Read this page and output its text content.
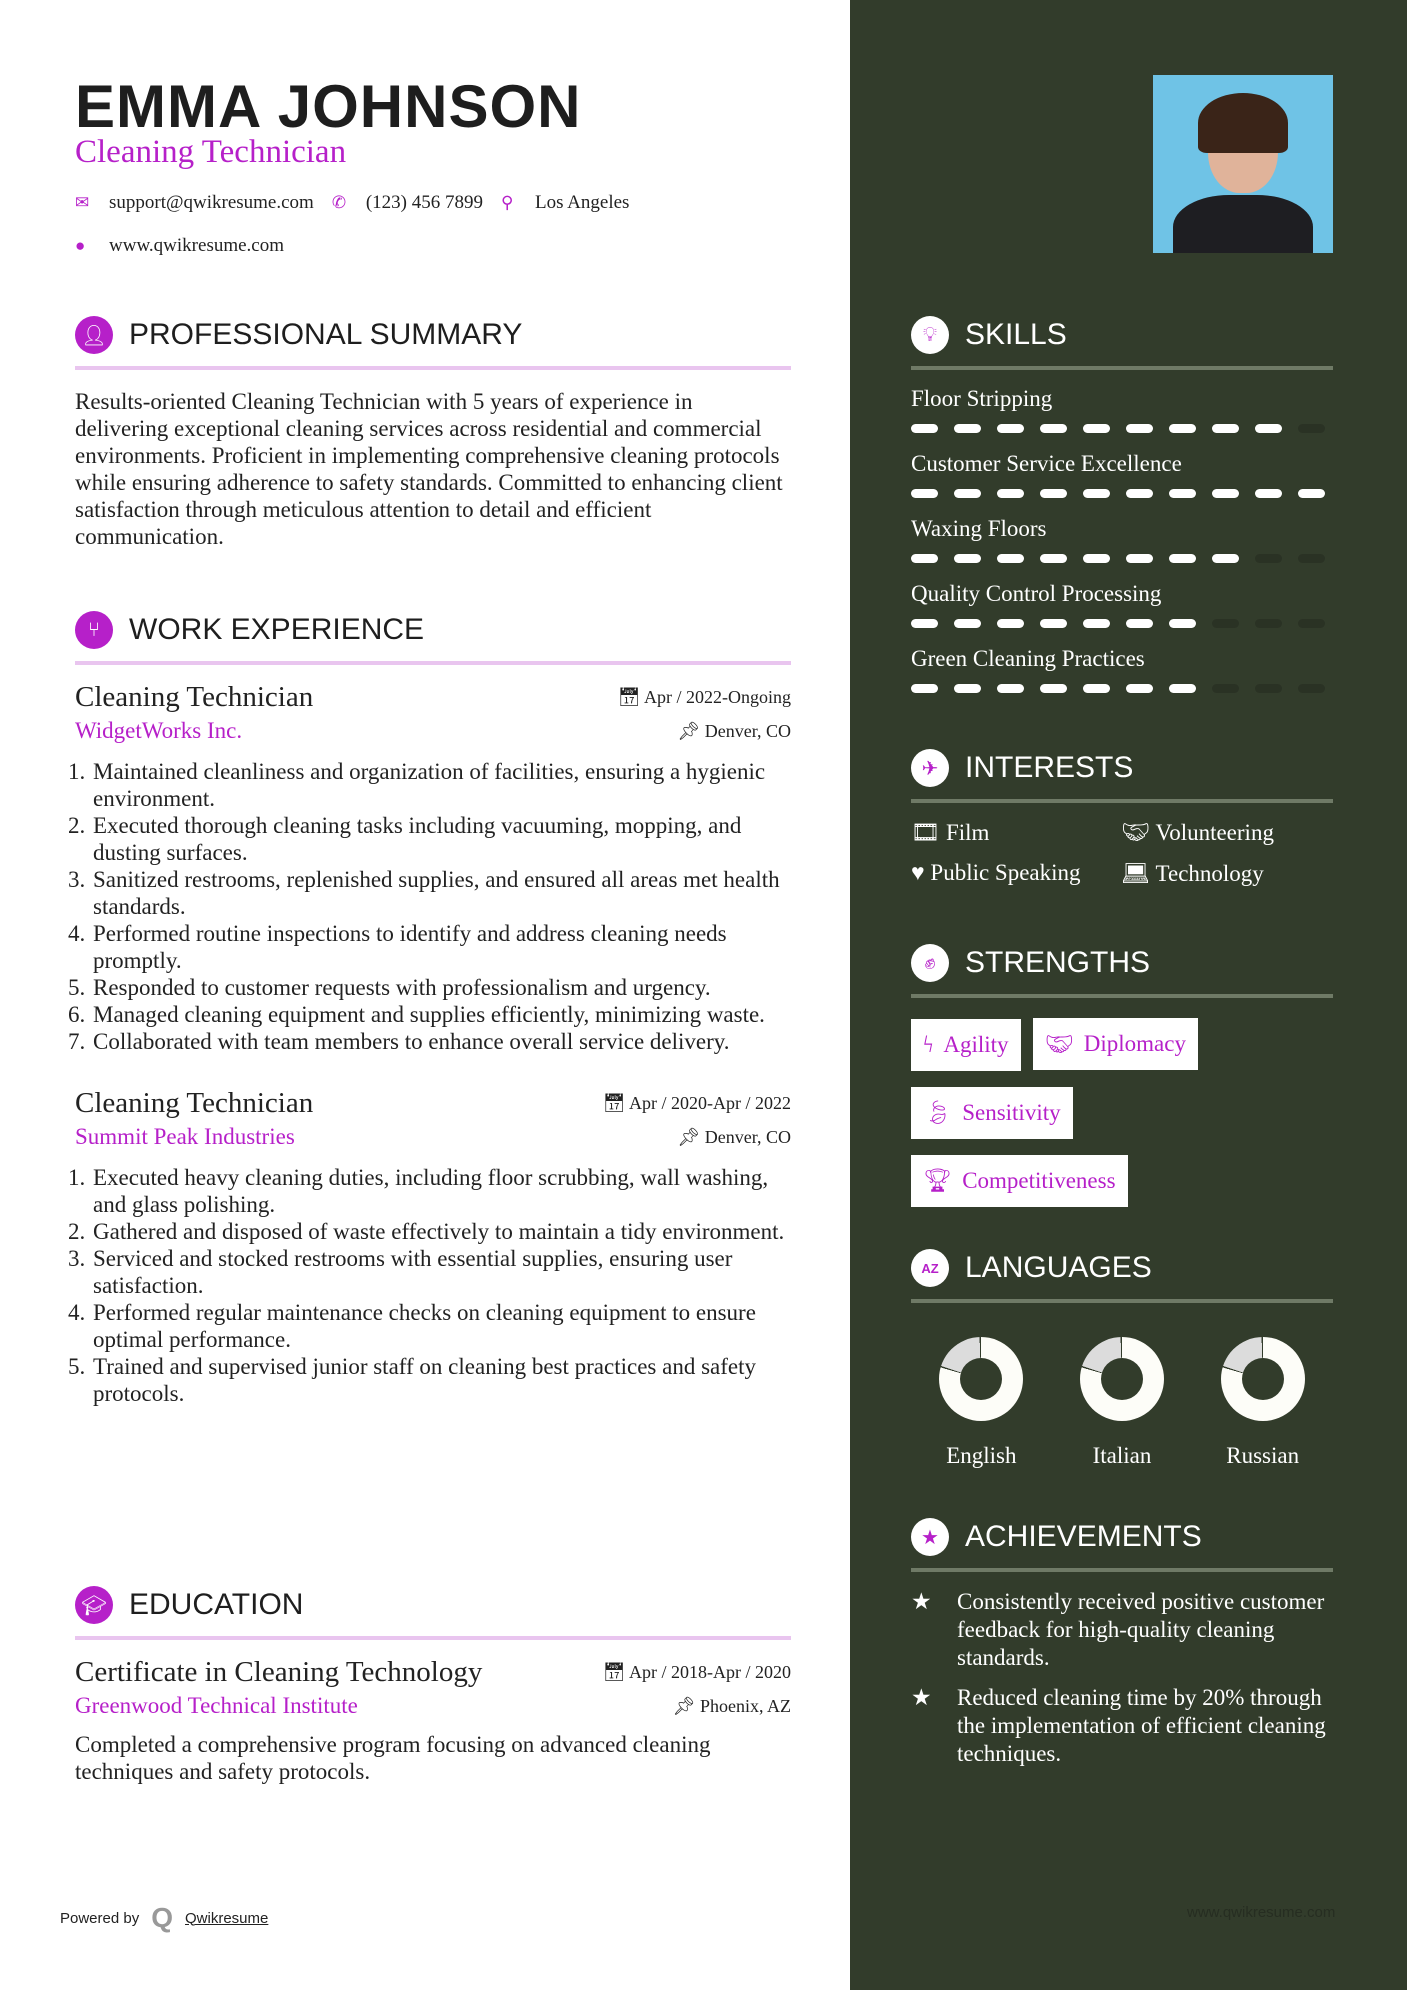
EMMA JOHNSON
Cleaning Technician
✉	support@qwikresume.com ✆	(123) 456 7899 ⚲	Los Angeles
●	www.qwikresume.com
👤︎ PROFESSIONAL SUMMARY

Results-oriented Cleaning Technician with 5 years of experience in delivering exceptional cleaning services across residential and commercial environments. Proficient in implementing comprehensive cleaning protocols while ensuring adherence to safety standards. Committed to enhancing client satisfaction through meticulous attention to detail and efficient communication.

⑂ WORK EXPERIENCE
Cleaning Technician	📅︎ Apr / 2022-Ongoing
WidgetWorks Inc.	📌︎ Denver, CO
1. Maintained cleanliness and organization of facilities, ensuring a hygienic environment.
2. Executed thorough cleaning tasks including vacuuming, mopping, and dusting surfaces.
3. Sanitized restrooms, replenished supplies, and ensured all areas met health standards.
4. Performed routine inspections to identify and address cleaning needs promptly.
5. Responded to customer requests with professionalism and urgency.
6. Managed cleaning equipment and supplies efficiently, minimizing waste.
7. Collaborated with team members to enhance overall service delivery.
Cleaning Technician	📅︎ Apr / 2020-Apr / 2022
Summit Peak Industries	📌︎ Denver, CO
1. Executed heavy cleaning duties, including floor scrubbing, wall washing, and glass polishing.
2. Gathered and disposed of waste effectively to maintain a tidy environment.
3. Serviced and stocked restrooms with essential supplies, ensuring user satisfaction.
4. Performed regular maintenance checks on cleaning equipment to ensure optimal performance.
5. Trained and supervised junior staff on cleaning best practices and safety protocols.
🎓︎ EDUCATION
Certificate in Cleaning Technology	📅︎ Apr / 2018-Apr / 2020
Greenwood Technical Institute	📌︎ Phoenix, AZ

Completed a comprehensive program focusing on advanced cleaning techniques and safety protocols.

Powered by Q Qwikresume
💡︎ SKILLS
Floor Stripping
Customer Service Excellence
Waxing Floors
Quality Control Processing
Green Cleaning Practices
✈ INTERESTS
🎞︎ Film	🤝︎ Volunteering
♥ Public Speaking	💻︎ Technology
✊︎ STRENGTHS
ϟ Agility 🤝︎ Diplomacy

🍃︎ Sensitivity

🏆︎ Competitiveness
AZ LANGUAGES
English	Italian	Russian
★ ACHIEVEMENTS
★	Consistently received positive customer feedback for high-quality cleaning standards.
★	Reduced cleaning time by 20% through the implementation of efficient cleaning techniques.
www.qwikresume.com
